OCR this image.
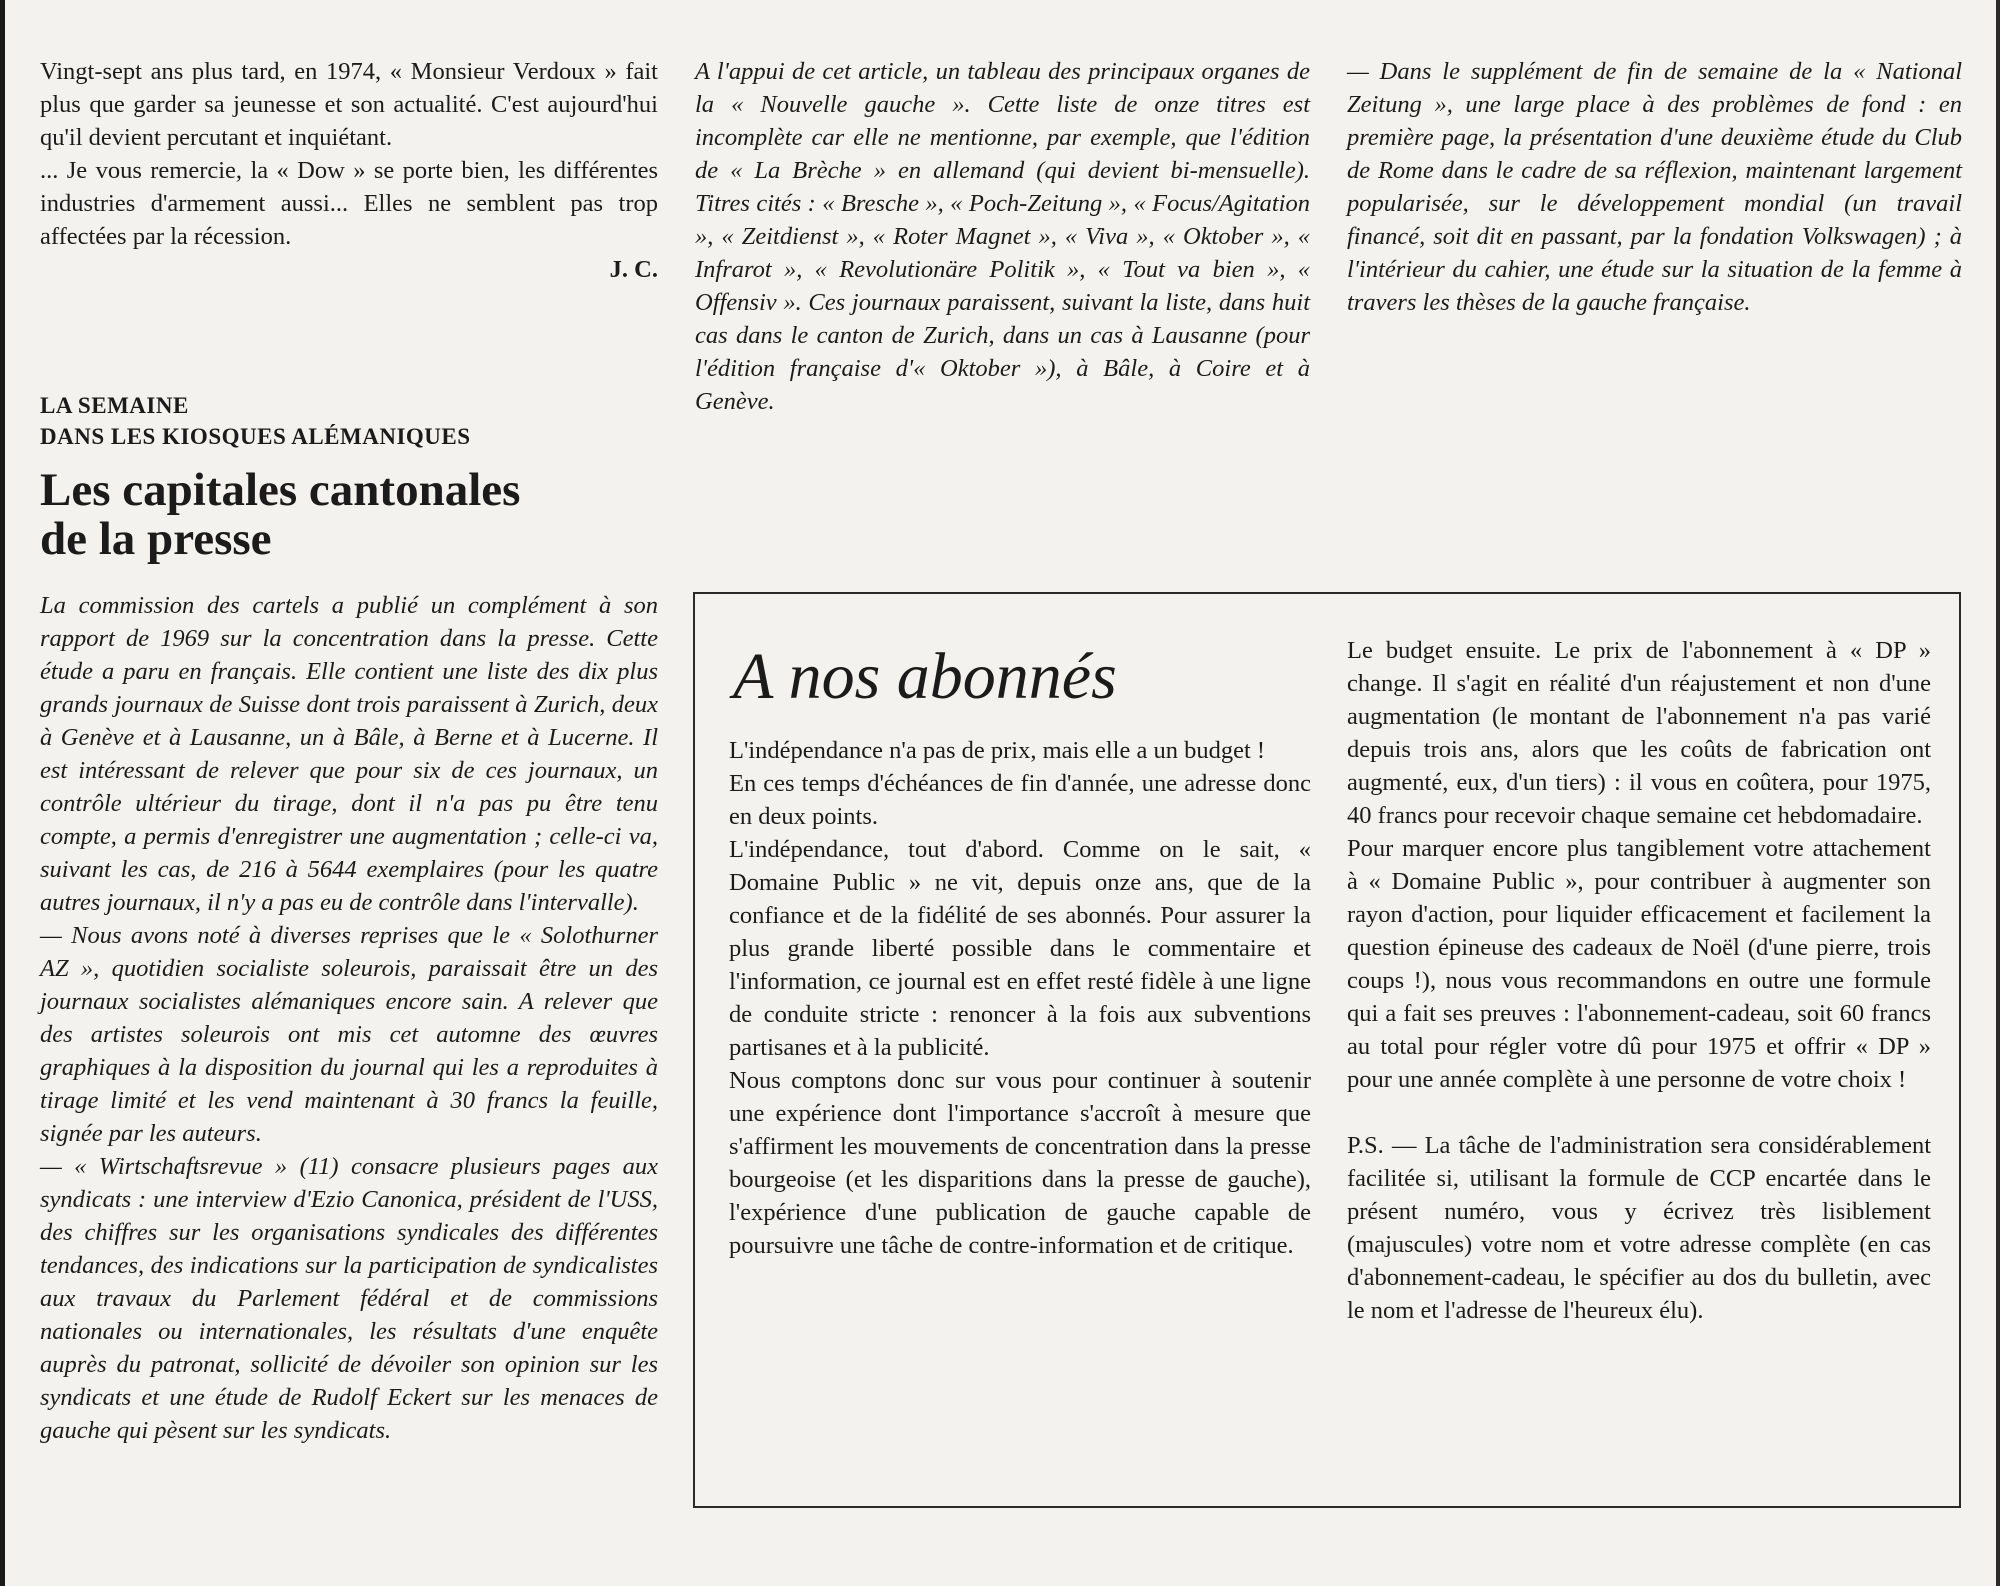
Vingt-sept ans plus tard, en 1974, « Monsieur Verdoux » fait plus que garder sa jeunesse et son actualité. C'est aujourd'hui qu'il devient percutant et inquiétant.

... Je vous remercie, la « Dow » se porte bien, les différentes industries d'armement aussi... Elles ne semblent pas trop affectées par la récession.

J. C.

LA SEMAINE
DANS LES KIOSQUES ALÉMANIQUES
Les capitales cantonales
de la presse

La commission des cartels a publié un complément à son rapport de 1969 sur la concentration dans la presse. Cette étude a paru en français. Elle contient une liste des dix plus grands journaux de Suisse dont trois paraissent à Zurich, deux à Genève et à Lausanne, un à Bâle, à Berne et à Lucerne. Il est intéressant de relever que pour six de ces journaux, un contrôle ultérieur du tirage, dont il n'a pas pu être tenu compte, a permis d'enregistrer une augmentation ; celle-ci va, suivant les cas, de 216 à 5644 exemplaires (pour les quatre autres journaux, il n'y a pas eu de contrôle dans l'intervalle).

— Nous avons noté à diverses reprises que le « Solothurner AZ », quotidien socialiste soleurois, paraissait être un des journaux socialistes alémaniques encore sain. A relever que des artistes soleurois ont mis cet automne des œuvres graphiques à la disposition du journal qui les a reproduites à tirage limité et les vend maintenant à 30 francs la feuille, signée par les auteurs.

— « Wirtschaftsrevue » (11) consacre plusieurs pages aux syndicats : une interview d'Ezio Canonica, président de l'USS, des chiffres sur les organisations syndicales des différentes tendances, des indications sur la participation de syndicalistes aux travaux du Parlement fédéral et de commissions nationales ou internationales, les résultats d'une enquête auprès du patronat, sollicité de dévoiler son opinion sur les syndicats et une étude de Rudolf Eckert sur les menaces de gauche qui pèsent sur les syndicats.

A l'appui de cet article, un tableau des principaux organes de la « Nouvelle gauche ». Cette liste de onze titres est incomplète car elle ne mentionne, par exemple, que l'édition de « La Brèche » en allemand (qui devient bi-mensuelle). Titres cités : « Bresche », « Poch-Zeitung », « Focus/Agitation », « Zeitdienst », « Roter Magnet », « Viva », « Oktober », « Infrarot », « Revolutionäre Politik », « Tout va bien », « Offensiv ». Ces journaux paraissent, suivant la liste, dans huit cas dans le canton de Zurich, dans un cas à Lausanne (pour l'édition française d'« Oktober »), à Bâle, à Coire et à Genève.

— Dans le supplément de fin de semaine de la « National Zeitung », une large place à des problèmes de fond : en première page, la présentation d'une deuxième étude du Club de Rome dans le cadre de sa réflexion, maintenant largement popularisée, sur le développement mondial (un travail financé, soit dit en passant, par la fondation Volkswagen) ; à l'intérieur du cahier, une étude sur la situation de la femme à travers les thèses de la gauche française.

A nos abonnés

L'indépendance n'a pas de prix, mais elle a un budget !

En ces temps d'échéances de fin d'année, une adresse donc en deux points.

L'indépendance, tout d'abord. Comme on le sait, « Domaine Public » ne vit, depuis onze ans, que de la confiance et de la fidélité de ses abonnés. Pour assurer la plus grande liberté possible dans le commentaire et l'information, ce journal est en effet resté fidèle à une ligne de conduite stricte : renoncer à la fois aux subventions partisanes et à la publicité.

Nous comptons donc sur vous pour continuer à soutenir une expérience dont l'importance s'accroît à mesure que s'affirment les mouvements de concentration dans la presse bourgeoise (et les disparitions dans la presse de gauche), l'expérience d'une publication de gauche capable de poursuivre une tâche de contre-information et de critique.

Le budget ensuite. Le prix de l'abonnement à « DP » change. Il s'agit en réalité d'un réajustement et non d'une augmentation (le montant de l'abonnement n'a pas varié depuis trois ans, alors que les coûts de fabrication ont augmenté, eux, d'un tiers) : il vous en coûtera, pour 1975, 40 francs pour recevoir chaque semaine cet hebdomadaire.

Pour marquer encore plus tangiblement votre attachement à « Domaine Public », pour contribuer à augmenter son rayon d'action, pour liquider efficacement et facilement la question épineuse des cadeaux de Noël (d'une pierre, trois coups !), nous vous recommandons en outre une formule qui a fait ses preuves : l'abonnement-cadeau, soit 60 francs au total pour régler votre dû pour 1975 et offrir « DP » pour une année complète à une personne de votre choix !

P.S. — La tâche de l'administration sera considérablement facilitée si, utilisant la formule de CCP encartée dans le présent numéro, vous y écrivez très lisiblement (majuscules) votre nom et votre adresse complète (en cas d'abonnement-cadeau, le spécifier au dos du bulletin, avec le nom et l'adresse de l'heureux élu).
